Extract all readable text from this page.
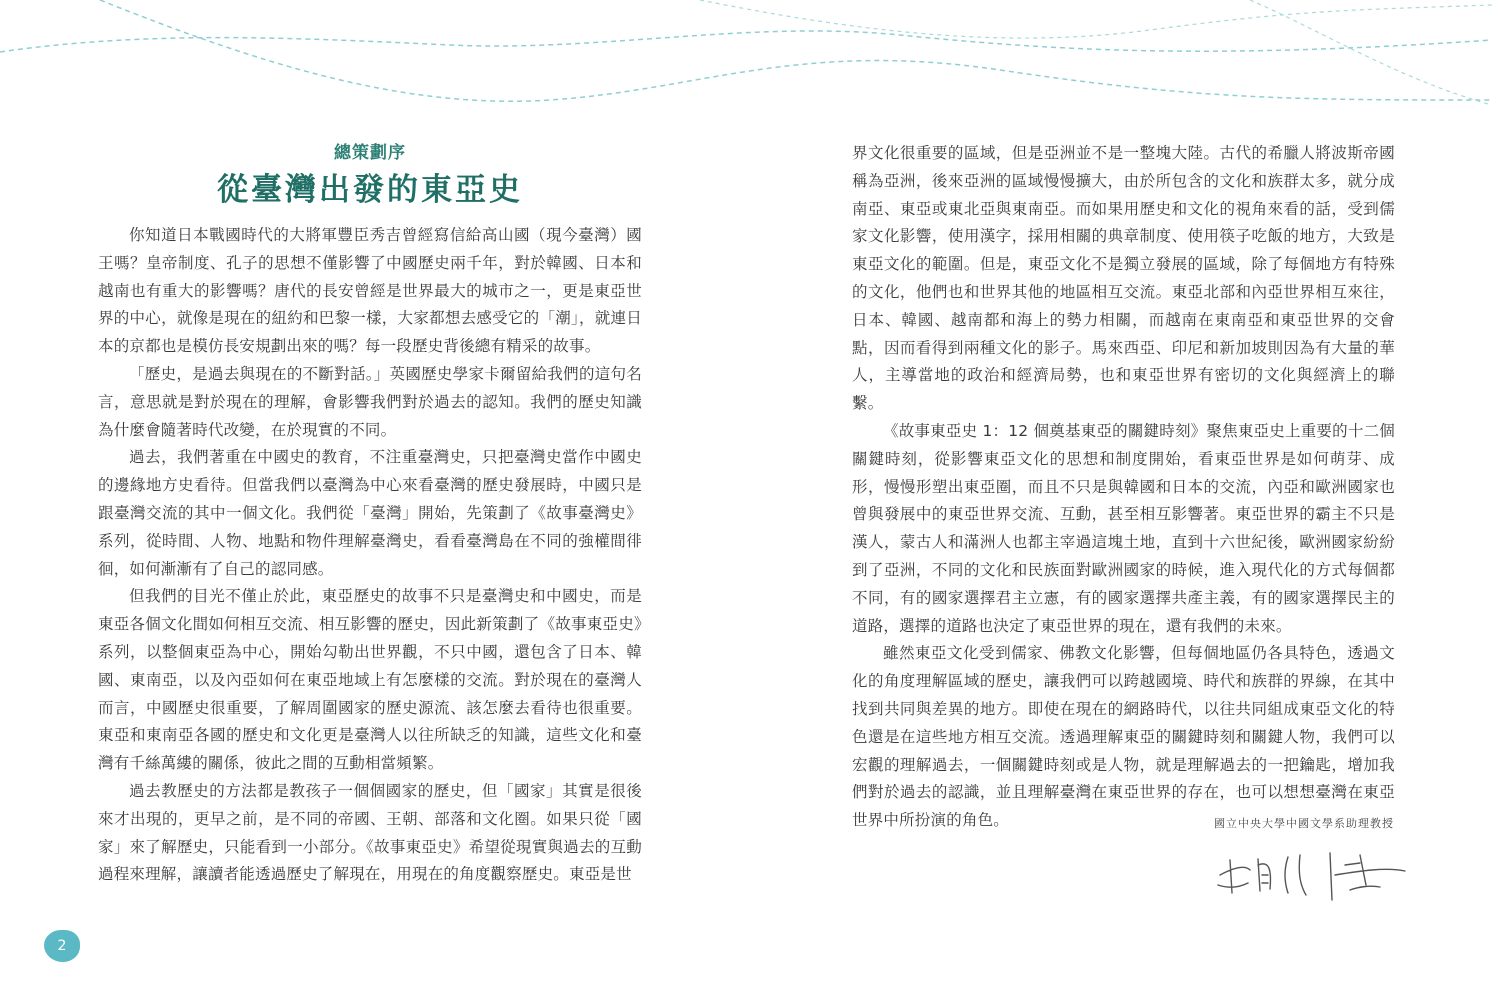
總策劃序
從臺灣出發的東亞史

你知道日本戰國時代的大將軍豐臣秀吉曾經寫信給高山國（現今臺灣）國王嗎？皇帝制度、孔子的思想不僅影響了中國歷史兩千年，對於韓國、日本和越南也有重大的影響嗎？唐代的長安曾經是世界最大的城市之一，更是東亞世界的中心，就像是現在的紐約和巴黎一樣，大家都想去感受它的「潮」，就連日本的京都也是模仿長安規劃出來的嗎？每一段歷史背後總有精采的故事。

「歷史，是過去與現在的不斷對話。」英國歷史學家卡爾留給我們的這句名言，意思就是對於現在的理解，會影響我們對於過去的認知。我們的歷史知識為什麼會隨著時代改變，在於現實的不同。

過去，我們著重在中國史的教育，不注重臺灣史，只把臺灣史當作中國史的邊緣地方史看待。但當我們以臺灣為中心來看臺灣的歷史發展時，中國只是跟臺灣交流的其中一個文化。我們從「臺灣」開始，先策劃了《故事臺灣史》系列，從時間、人物、地點和物件理解臺灣史，看看臺灣島在不同的強權間徘徊，如何漸漸有了自己的認同感。

但我們的目光不僅止於此，東亞歷史的故事不只是臺灣史和中國史，而是東亞各個文化間如何相互交流、相互影響的歷史，因此新策劃了《故事東亞史》系列，以整個東亞為中心，開始勾勒出世界觀，不只中國，還包含了日本、韓國、東南亞，以及內亞如何在東亞地域上有怎麼樣的交流。對於現在的臺灣人而言，中國歷史很重要，了解周圍國家的歷史源流、該怎麼去看待也很重要。東亞和東南亞各國的歷史和文化更是臺灣人以往所缺乏的知識，這些文化和臺灣有千絲萬縷的關係，彼此之間的互動相當頻繁。

過去教歷史的方法都是教孩子一個個國家的歷史，但「國家」其實是很後來才出現的，更早之前，是不同的帝國、王朝、部落和文化圈。如果只從「國家」來了解歷史，只能看到一小部分。《故事東亞史》希望從現實與過去的互動過程來理解，讓讀者能透過歷史了解現在，用現在的角度觀察歷史。東亞是世

界文化很重要的區域，但是亞洲並不是一整塊大陸。古代的希臘人將波斯帝國稱為亞洲，後來亞洲的區域慢慢擴大，由於所包含的文化和族群太多，就分成南亞、東亞或東北亞與東南亞。而如果用歷史和文化的視角來看的話，受到儒家文化影響，使用漢字，採用相關的典章制度、使用筷子吃飯的地方，大致是東亞文化的範圍。但是，東亞文化不是獨立發展的區域，除了每個地方有特殊的文化，他們也和世界其他的地區相互交流。東亞北部和內亞世界相互來往，日本、韓國、越南都和海上的勢力相關，而越南在東南亞和東亞世界的交會點，因而看得到兩種文化的影子。馬來西亞、印尼和新加坡則因為有大量的華人，主導當地的政治和經濟局勢，也和東亞世界有密切的文化與經濟上的聯繫。

《故事東亞史 1：12 個奠基東亞的關鍵時刻》聚焦東亞史上重要的十二個關鍵時刻，從影響東亞文化的思想和制度開始，看東亞世界是如何萌芽、成形，慢慢形塑出東亞圈，而且不只是與韓國和日本的交流，內亞和歐洲國家也曾與發展中的東亞世界交流、互動，甚至相互影響著。東亞世界的霸主不只是漢人，蒙古人和滿洲人也都主宰過這塊土地，直到十六世紀後，歐洲國家紛紛到了亞洲，不同的文化和民族面對歐洲國家的時候，進入現代化的方式每個都不同，有的國家選擇君主立憲，有的國家選擇共產主義，有的國家選擇民主的道路，選擇的道路也決定了東亞世界的現在，還有我們的未來。

雖然東亞文化受到儒家、佛教文化影響，但每個地區仍各具特色，透過文化的角度理解區域的歷史，讓我們可以跨越國境、時代和族群的界線，在其中找到共同與差異的地方。即使在現在的網路時代，以往共同組成東亞文化的特色還是在這些地方相互交流。透過理解東亞的關鍵時刻和關鍵人物，我們可以宏觀的理解過去，一個關鍵時刻或是人物，就是理解過去的一把鑰匙，增加我們對於過去的認識，並且理解臺灣在東亞世界的存在，也可以想想臺灣在東亞世界中所扮演的角色。	國立中央大學中國文學系助理教授
2
